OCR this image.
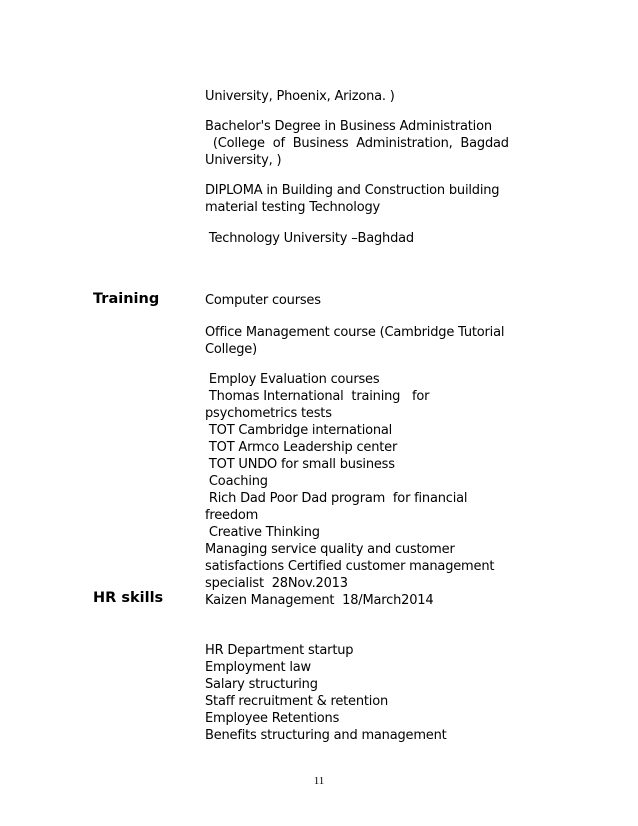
University, Phoenix, Arizona. )
Bachelor's Degree in Business Administration
(College  of  Business  Administration,  Bagdad
University, )
DIPLOMA in Building and Construction building
material testing Technology
Technology University –Baghdad
Training	Computer courses
Office Management course (Cambridge Tutorial
College)
Employ Evaluation courses
Thomas International  training   for
psychometrics tests
TOT Cambridge international
TOT Armco Leadership center
TOT UNDO for small business
Coaching
Rich Dad Poor Dad program  for financial
freedom
Creative Thinking
Managing service quality and customer
satisfactions Certified customer management
specialist  28Nov.2013
Kaizen Management  18/March2014
HR skills
HR Department startup
Employment law
Salary structuring
Staff recruitment & retention
Employee Retentions
Benefits structuring and management
11
